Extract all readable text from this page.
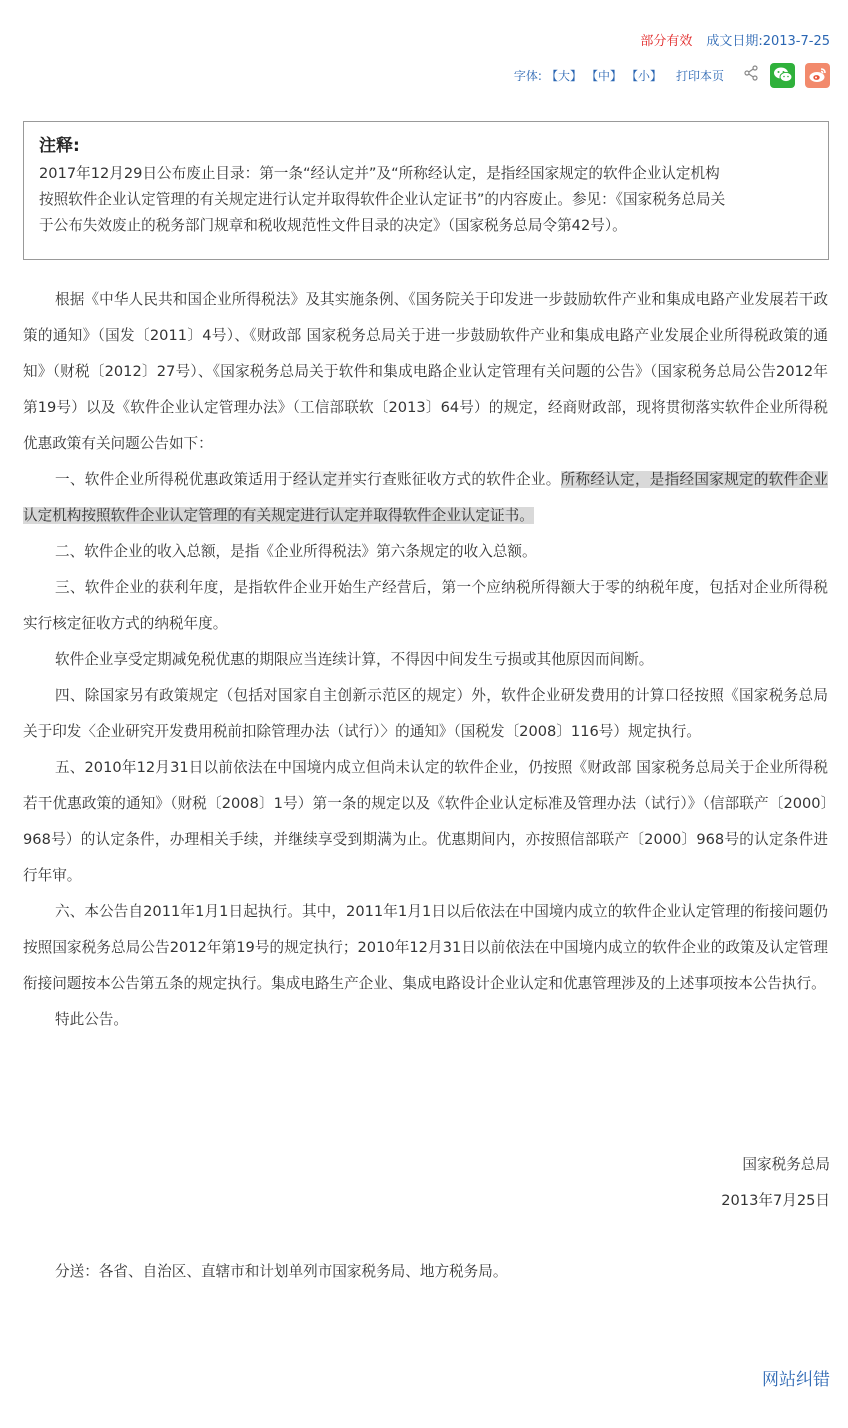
部分有效 成文日期:2013-7-25
字体: 【大】 【中】 【小】 打印本页
注释:
2017年12月29日公布废止目录：第一条“经认定并”及“所称经认定，是指经国家规定的软件企业认定机构
按照软件企业认定管理的有关规定进行认定并取得软件企业认定证书”的内容废止。参见：《国家税务总局关
于公布失效废止的税务部门规章和税收规范性文件目录的决定》（国家税务总局令第42号）。

根据《中华人民共和国企业所得税法》及其实施条例、《国务院关于印发进一步鼓励软件产业和集成电路产业发展若干政策的通知》（国发〔2011〕4号）、《财政部 国家税务总局关于进一步鼓励软件产业和集成电路产业发展企业所得税政策的通知》（财税〔2012〕27号）、《国家税务总局关于软件和集成电路企业认定管理有关问题的公告》（国家税务总局公告2012年第19号）以及《软件企业认定管理办法》（工信部联软〔2013〕64号）的规定，经商财政部，现将贯彻落实软件企业所得税优惠政策有关问题公告如下：

一、软件企业所得税优惠政策适用于经认定并实行查账征收方式的软件企业。所称经认定，是指经国家规定的软件企业认定机构按照软件企业认定管理的有关规定进行认定并取得软件企业认定证书。

二、软件企业的收入总额，是指《企业所得税法》第六条规定的收入总额。

三、软件企业的获利年度，是指软件企业开始生产经营后，第一个应纳税所得额大于零的纳税年度，包括对企业所得税实行核定征收方式的纳税年度。

软件企业享受定期减免税优惠的期限应当连续计算，不得因中间发生亏损或其他原因而间断。

四、除国家另有政策规定（包括对国家自主创新示范区的规定）外，软件企业研发费用的计算口径按照《国家税务总局关于印发〈企业研究开发费用税前扣除管理办法（试行）〉的通知》（国税发〔2008〕116号）规定执行。

五、2010年12月31日以前依法在中国境内成立但尚未认定的软件企业，仍按照《财政部 国家税务总局关于企业所得税若干优惠政策的通知》（财税〔2008〕1号）第一条的规定以及《软件企业认定标准及管理办法（试行）》（信部联产〔2000〕968号）的认定条件，办理相关手续，并继续享受到期满为止。优惠期间内，亦按照信部联产〔2000〕968号的认定条件进行年审。

六、本公告自2011年1月1日起执行。其中，2011年1月1日以后依法在中国境内成立的软件企业认定管理的衔接问题仍按照国家税务总局公告2012年第19号的规定执行；2010年12月31日以前依法在中国境内成立的软件企业的政策及认定管理衔接问题按本公告第五条的规定执行。集成电路生产企业、集成电路设计企业认定和优惠管理涉及的上述事项按本公告执行。

特此公告。

国家税务总局
2013年7月25日
分送：各省、自治区、直辖市和计划单列市国家税务局、地方税务局。
网站纠错
